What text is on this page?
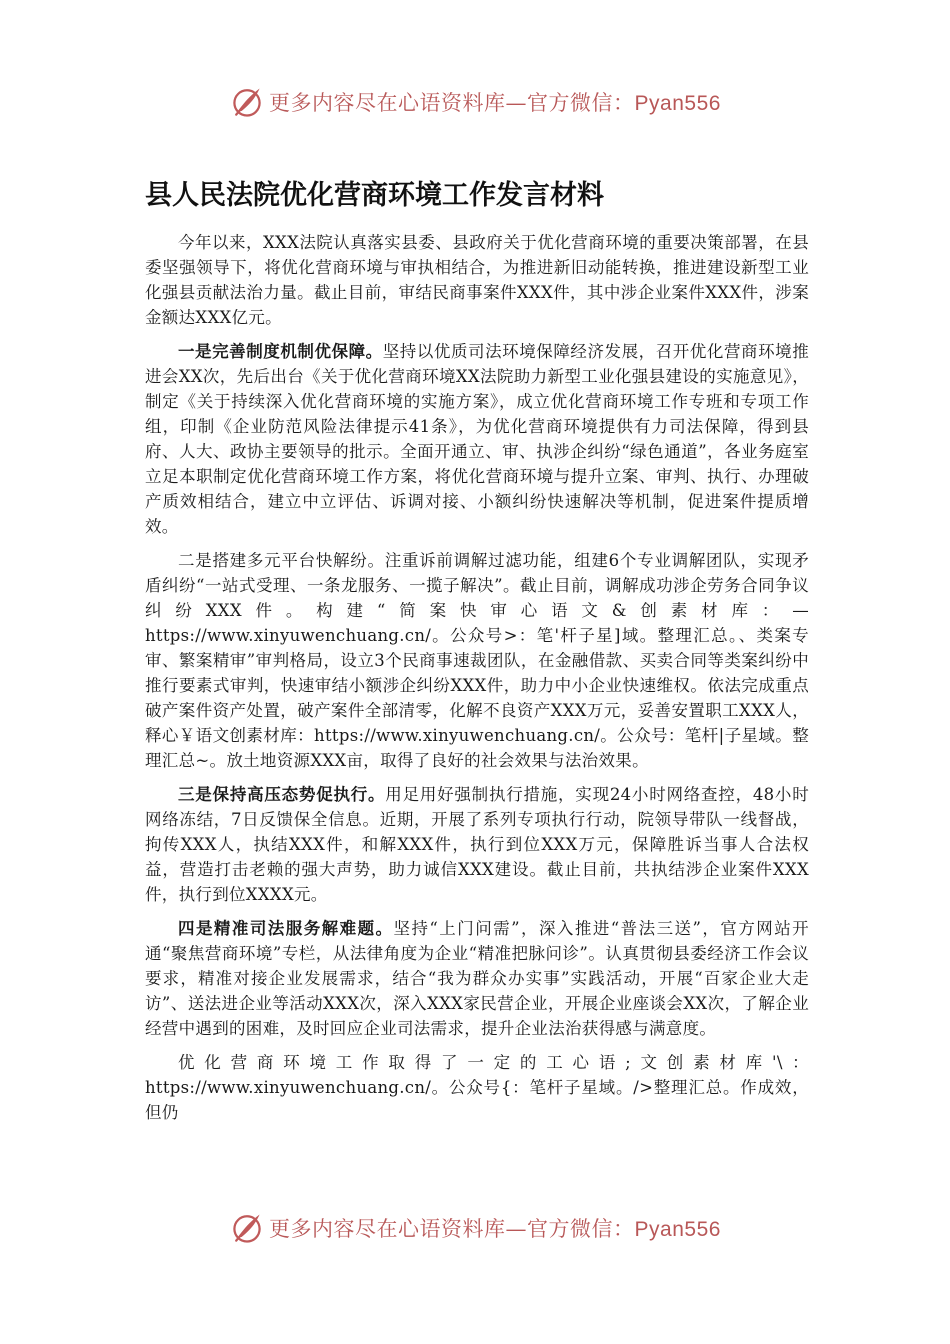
更多内容尽在心语资料库—官方微信：Pyan556
县人民法院优化营商环境工作发言材料

今年以来，XXX法院认真落实县委、县政府关于优化营商环境的重要决策部署，在县委坚强领导下，将优化营商环境与审执相结合，为推进新旧动能转换，推进建设新型工业化强县贡献法治力量。截止目前，审结民商事案件XXX件，其中涉企业案件XXX件，涉案金额达XXX亿元。

一是完善制度机制优保障。坚持以优质司法环境保障经济发展，召开优化营商环境推进会XX次，先后出台《关于优化营商环境XX法院助力新型工业化强县建设的实施意见》，制定《关于持续深入优化营商环境的实施方案》，成立优化营商环境工作专班和专项工作组，印制《企业防范风险法律提示41条》，为优化营商环境提供有力司法保障，得到县府、人大、政协主要领导的批示。全面开通立、审、执涉企纠纷“绿色通道”，各业务庭室立足本职制定优化营商环境工作方案，将优化营商环境与提升立案、审判、执行、办理破产质效相结合，建立中立评估、诉调对接、小额纠纷快速解决等机制，促进案件提质增效。

二是搭建多元平台快解纷。注重诉前调解过滤功能，组建6个专业调解团队，实现矛盾纠纷“一站式受理、一条龙服务、一揽子解决”。截止目前，调解成功涉企劳务合同争议纠纷XXX件。构建“简案快审心语文&创素材库：—https://www.xinyuwenchuang.cn/。公众号>：笔'杆子星]域。整理汇总。、类案专审、繁案精审”审判格局，设立3个民商事速裁团队，在金融借款、买卖合同等类案纠纷中推行要素式审判，快速审结小额涉企纠纷XXX件，助力中小企业快速维权。依法完成重点破产案件资产处置，破产案件全部清零，化解不良资产XXX万元，妥善安置职工XXX人，释心￥语文创素材库：https://www.xinyuwenchuang.cn/。公众号：笔杆|子星域。整理汇总~。放土地资源XXX亩，取得了良好的社会效果与法治效果。

三是保持高压态势促执行。用足用好强制执行措施，实现24小时网络查控，48小时网络冻结，7日反馈保全信息。近期，开展了系列专项执行行动，院领导带队一线督战，拘传XXX人，执结XXX件，和解XXX件，执行到位XXX万元，保障胜诉当事人合法权益，营造打击老赖的强大声势，助力诚信XXX建设。截止目前，共执结涉企业案件XXX件，执行到位XXXX元。

四是精准司法服务解难题。坚持“上门问需”，深入推进“普法三送”，官方网站开通“聚焦营商环境”专栏，从法律角度为企业“精准把脉问诊”。认真贯彻县委经济工作会议要求，精准对接企业发展需求，结合“我为群众办实事”实践活动，开展“百家企业大走访”、送法进企业等活动XXX次，深入XXX家民营企业，开展企业座谈会XX次，了解企业经营中遇到的困难，及时回应企业司法需求，提升企业法治获得感与满意度。

优化营商环境工作取得了一定的工心语;文创素材库'\：https://www.xinyuwenchuang.cn/。公众号{：笔杆子星域。/>整理汇总。作成效，但仍

更多内容尽在心语资料库—官方微信：Pyan556
